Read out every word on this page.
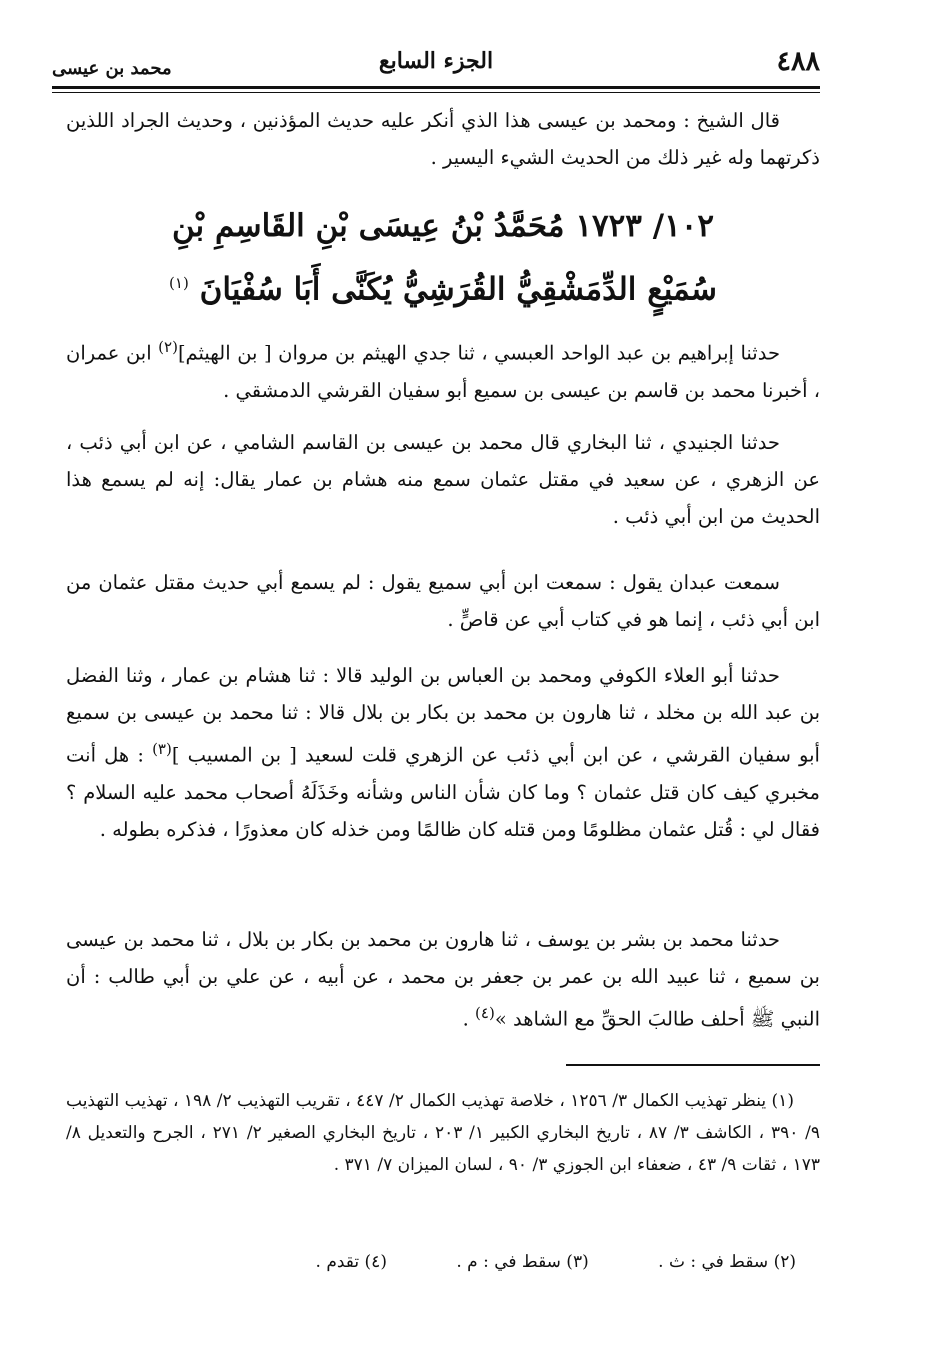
٤٨٨
الجزء السابع
محمد بن عيسى

قال الشيخ : ومحمد بن عيسى هذا الذي أنكر عليه حديث المؤذنين ، وحديث الجراد اللذين ذكرتهما وله غير ذلك من الحديث الشيء اليسير .

١٠٢/ ١٧٢٣ مُحَمَّدُ بْنُ عِيسَى بْنِ القَاسِمِ بْنِ
سُمَيْعٍ الدِّمَشْقِيُّ القُرَشِيُّ يُكَنَّى أَبَا سُفْيَانَ $^{(١)}$

حدثنا إبراهيم بن عبد الواحد العبسي ، ثنا جدي الهيثم بن مروان [ بن الهيثم]$^{(٢)}$ ابن عمران ، أخبرنا محمد بن قاسم بن عيسى بن سميع أبو سفيان القرشي الدمشقي .

حدثنا الجنيدي ، ثنا البخاري قال محمد بن عيسى بن القاسم الشامي ، عن ابن أبي ذئب ، عن الزهري ، عن سعيد في مقتل عثمان سمع منه هشام بن عمار يقال: إنه لم يسمع هذا الحديث من ابن أبي ذئب .

سمعت عبدان يقول : سمعت ابن أبي سميع يقول : لم يسمع أبي حديث مقتل عثمان من ابن أبي ذئب ، إنما هو في كتاب أبي عن قاصٍّ .

حدثنا أبو العلاء الكوفي ومحمد بن العباس بن الوليد قالا : ثنا هشام بن عمار ، وثنا الفضل بن عبد الله بن مخلد ، ثنا هارون بن محمد بن بكار بن بلال قالا : ثنا محمد بن عيسى بن سميع أبو سفيان القرشي ، عن ابن أبي ذئب عن الزهري قلت لسعيد [ بن المسيب ]$^{(٣)}$ : هل أنت مخبري كيف كان قتل عثمان ؟ وما كان شأن الناس وشأنه وخَذَلَهُ أصحاب محمد عليه السلام ؟ فقال لي : قُتل عثمان مظلومًا ومن قتله كان ظالمًا ومن خذله كان معذورًا ، فذكره بطوله .

حدثنا محمد بن بشر بن يوسف ، ثنا هارون بن محمد بن بكار بن بلال ، ثنا محمد بن عيسى بن سميع ، ثنا عبيد الله بن عمر بن جعفر بن محمد ، عن أبيه ، عن علي بن أبي طالب : أن النبي ﷺ أحلف طالبَ الحقِّ مع الشاهد »$^{(٤)}$ .

(١) ينظر تهذيب الكمال ٣/ ١٢٥٦ ، خلاصة تهذيب الكمال ٢/ ٤٤٧ ، تقريب التهذيب ٢/ ١٩٨ ، تهذيب التهذيب ٩/ ٣٩٠ ، الكاشف ٣/ ٨٧ ، تاريخ البخاري الكبير ١/ ٢٠٣ ، تاريخ البخاري الصغير ٢/ ٢٧١ ، الجرح والتعديل ٨/ ١٧٣ ، ثقات ٩/ ٤٣ ، ضعفاء ابن الجوزي ٣/ ٩٠ ، لسان الميزان ٧/ ٣٧١ .

(٢) سقط في : ث . (٣) سقط في : م . (٤) تقدم .
